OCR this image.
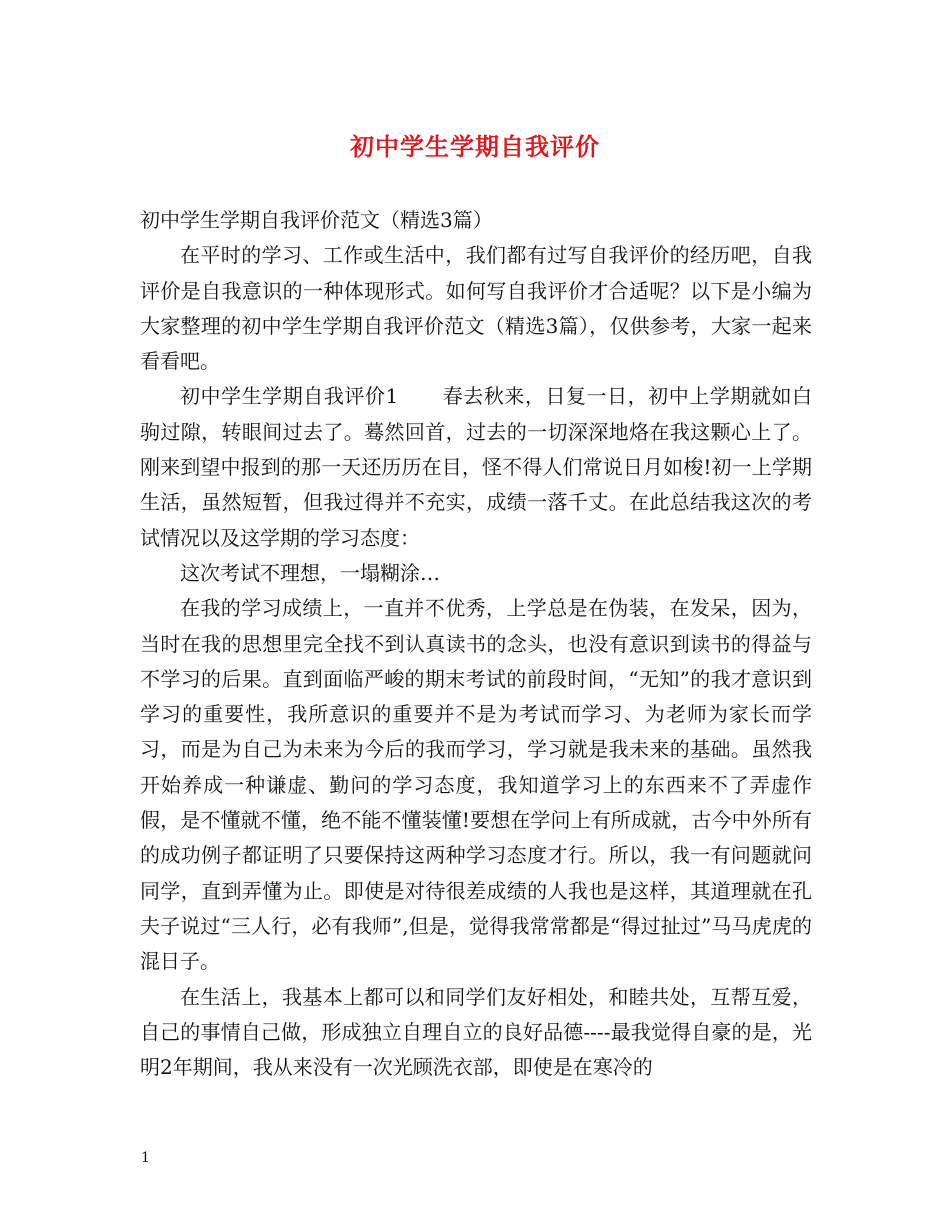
初中学生学期自我评价

初中学生学期自我评价范文（精选3篇）

在平时的学习、工作或生活中，我们都有过写自我评价的经历吧，自我评价是自我意识的一种体现形式。如何写自我评价才合适呢？以下是小编为大家整理的初中学生学期自我评价范文（精选3篇），仅供参考，大家一起来看看吧。

初中学生学期自我评价1 春去秋来，日复一日，初中上学期就如白驹过隙，转眼间过去了。蓦然回首，过去的一切深深地烙在我这颗心上了。刚来到望中报到的那一天还历历在目，怪不得人们常说日月如梭!初一上学期生活，虽然短暂，但我过得并不充实，成绩一落千丈。在此总结我这次的考试情况以及这学期的学习态度：

这次考试不理想，一塌糊涂…

在我的学习成绩上，一直并不优秀，上学总是在伪装，在发呆，因为，当时在我的思想里完全找不到认真读书的念头，也没有意识到读书的得益与不学习的后果。直到面临严峻的期末考试的前段时间，“无知”的我才意识到学习的重要性，我所意识的重要并不是为考试而学习、为老师为家长而学习，而是为自己为未来为今后的我而学习，学习就是我未来的基础。虽然我开始养成一种谦虚、勤问的学习态度，我知道学习上的东西来不了弄虚作假，是不懂就不懂，绝不能不懂装懂!要想在学问上有所成就，古今中外所有的成功例子都证明了只要保持这两种学习态度才行。所以，我一有问题就问同学，直到弄懂为止。即使是对待很差成绩的人我也是这样，其道理就在孔夫子说过“三人行，必有我师”,但是，觉得我常常都是“得过扯过”马马虎虎的混日子。

在生活上，我基本上都可以和同学们友好相处，和睦共处，互帮互爱，自己的事情自己做，形成独立自理自立的良好品德----最我觉得自豪的是，光明2年期间，我从来没有一次光顾洗衣部，即使是在寒冷的

1
